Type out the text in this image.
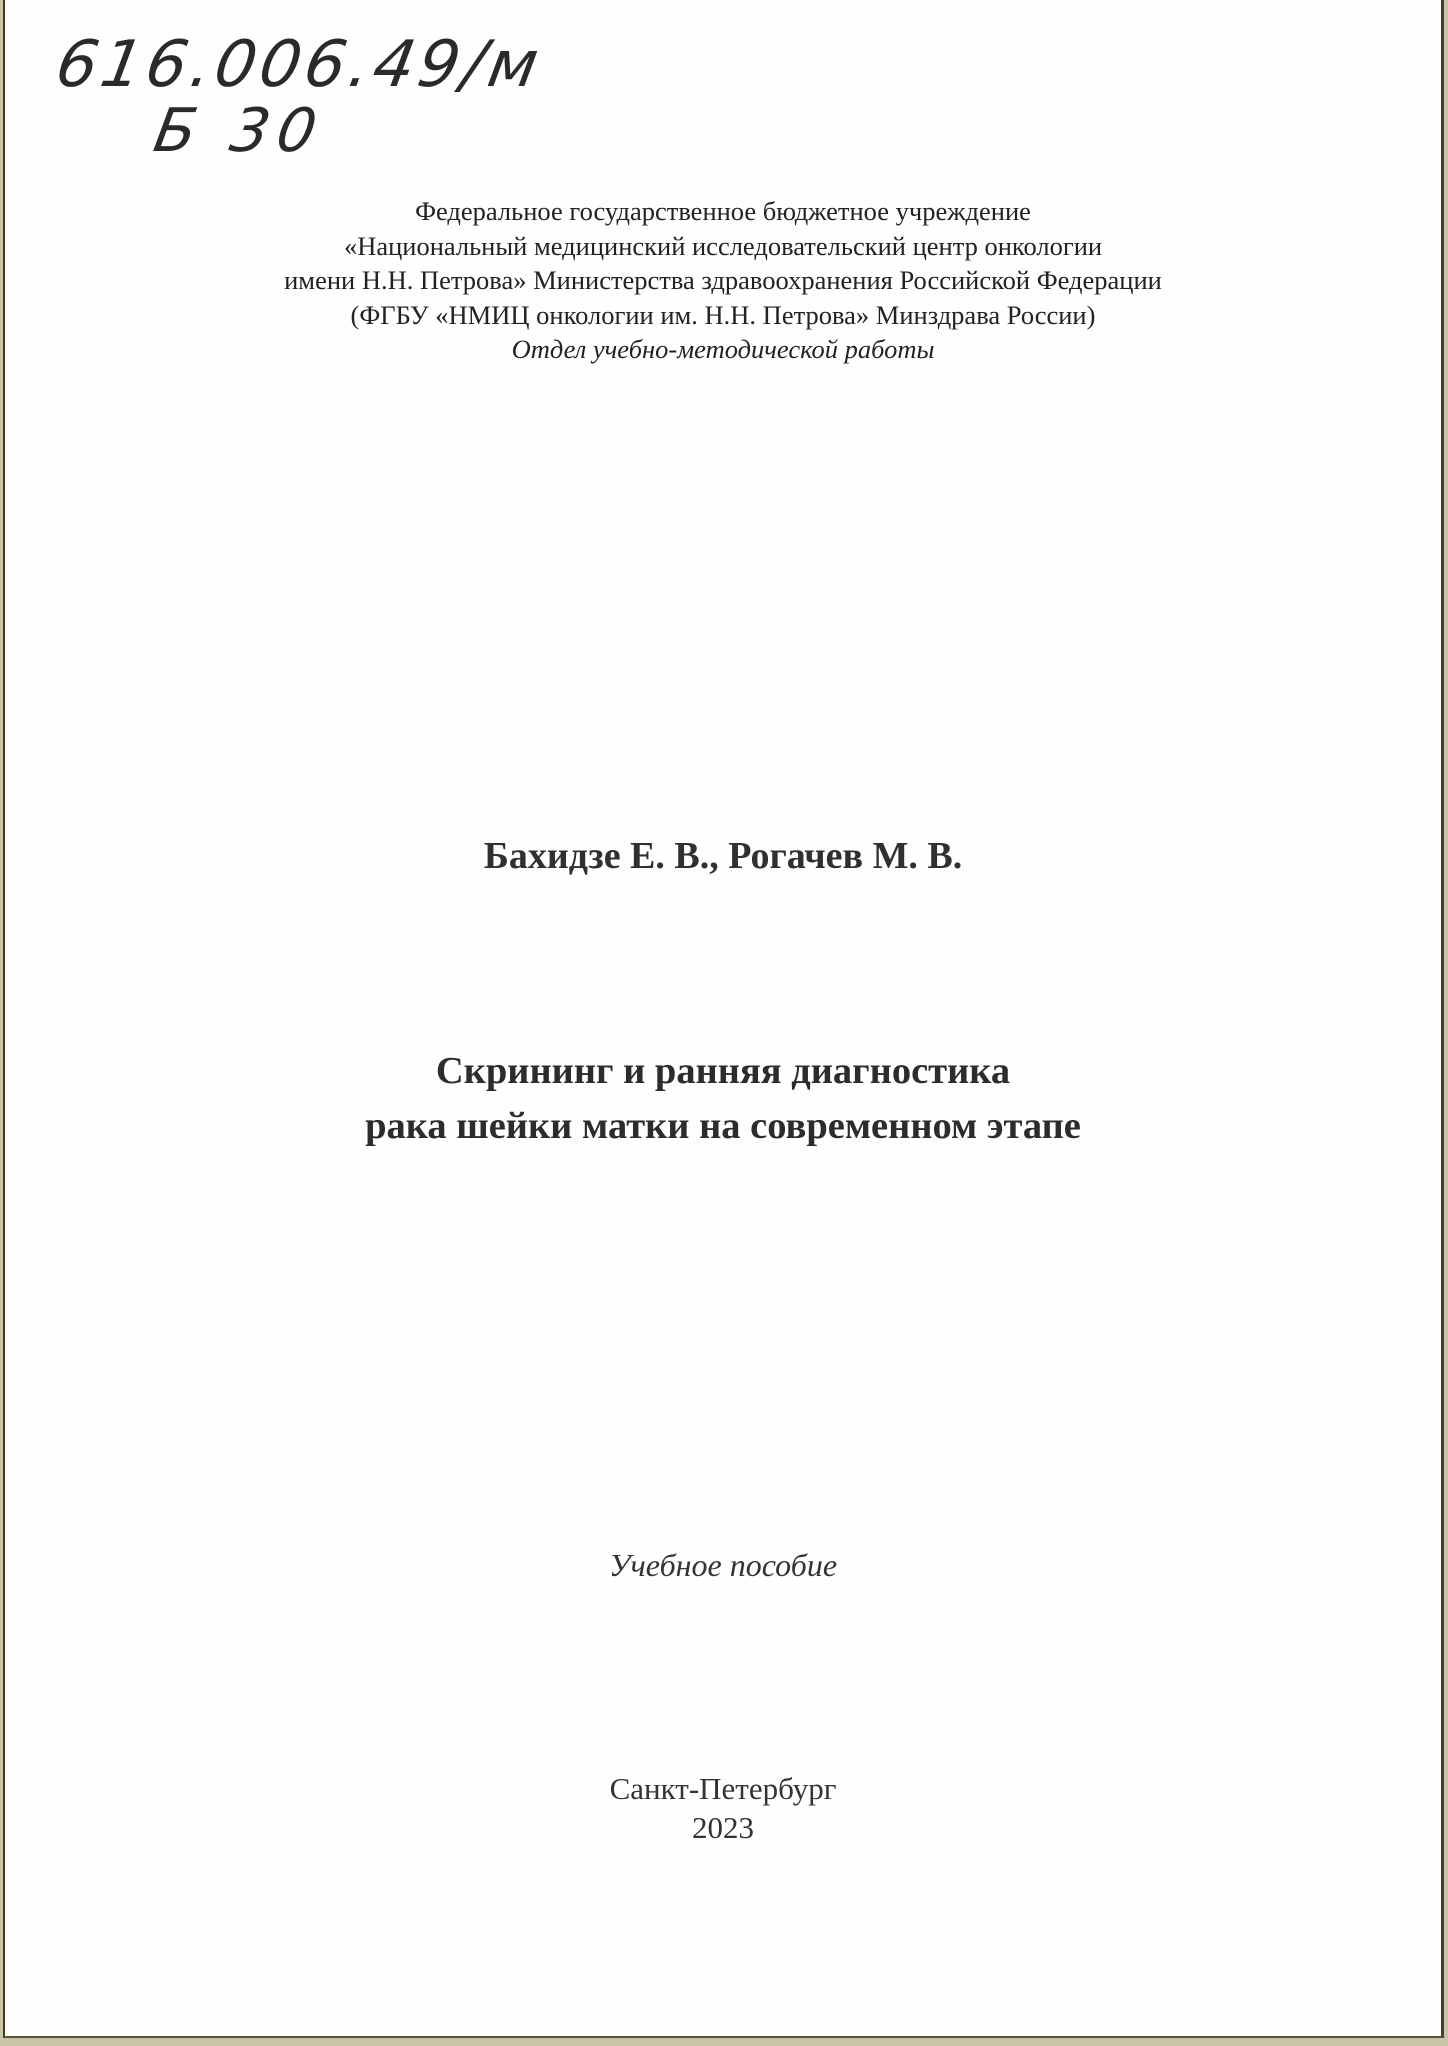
616.006.49/м
Б 30
Федеральное государственное бюджетное учреждение
«Национальный медицинский исследовательский центр онкологии
имени Н.Н. Петрова» Министерства здравоохранения Российской Федерации
(ФГБУ «НМИЦ онкологии им. Н.Н. Петрова» Минздрава России)
Отдел учебно-методической работы
Бахидзе Е. В., Рогачев М. В.
Скрининг и ранняя диагностика
рака шейки матки на современном этапе
Учебное пособие
Санкт-Петербург
2023
